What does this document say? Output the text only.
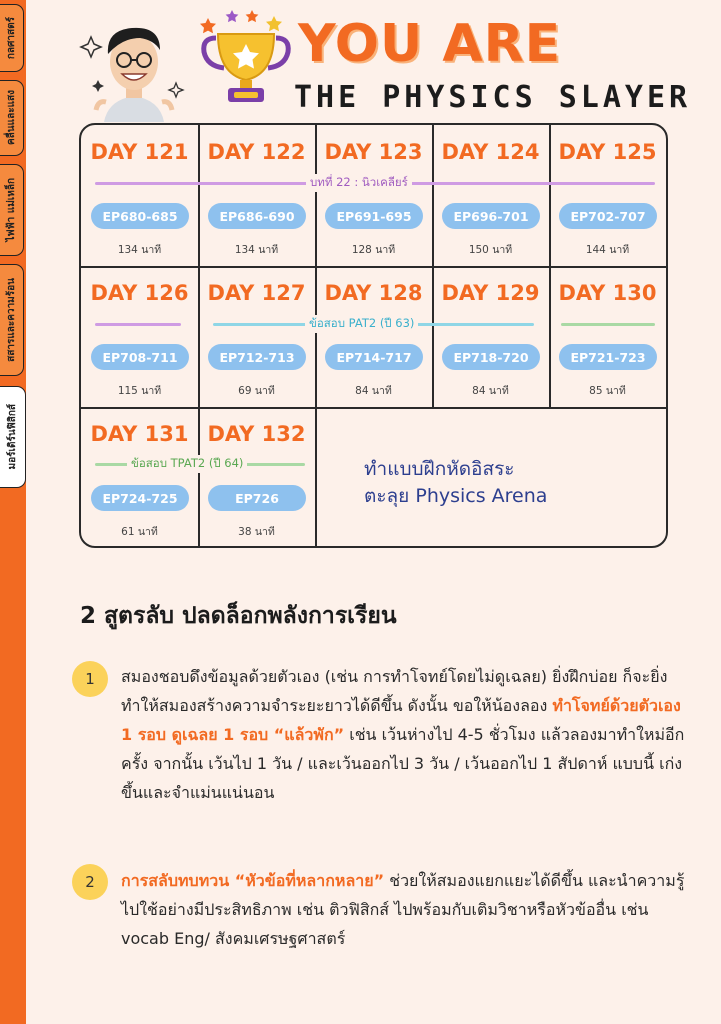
กลศาสตร์
คลื่นและแสง
ไฟฟ้า แม่เหล็ก
สสารและความร้อน
มอร์เดิร์นฟิสิกส์
YOU ARE
THE PHYSICS SLAYER
บทที่ 22 : นิวเคลียร์
ข้อสอบ PAT2 (ปี 63)
ข้อสอบ TPAT2 (ปี 64)
DAY 121
EP680-685
134 นาที
DAY 122
EP686-690
134 นาที
DAY 123
EP691-695
128 นาที
DAY 124
EP696-701
150 นาที
DAY 125
EP702-707
144 นาที
DAY 126
EP708-711
115 นาที
DAY 127
EP712-713
69 นาที
DAY 128
EP714-717
84 นาที
DAY 129
EP718-720
84 นาที
DAY 130
EP721-723
85 นาที
DAY 131
EP724-725
61 นาที
DAY 132
EP726
38 นาที
ทำแบบฝึกหัดอิสระ
ตะลุย Physics Arena
2 สูตรลับ ปลดล็อกพลังการเรียน
1	สมองชอบดึงข้อมูลด้วยตัวเอง (เช่น การทำโจทย์โดยไม่ดูเฉลย) ยิ่งฝึกบ่อย ก็จะยิ่งทำให้สมองสร้างความจำระยะยาวได้ดีขึ้น ดังนั้น ขอให้น้องลอง ทำโจทย์ด้วยตัวเอง 1 รอบ ดูเฉลย 1 รอบ “แล้วพัก” เช่น เว้นห่างไป 4-5 ชั่วโมง แล้วลองมาทำใหม่อีกครั้ง จากนั้น เว้นไป 1 วัน / และเว้นออกไป 3 วัน / เว้นออกไป 1 สัปดาห์ แบบนี้ เก่งขึ้นและจำแม่นแน่นอน
2	การสลับทบทวน “หัวข้อที่หลากหลาย” ช่วยให้สมองแยกแยะได้ดีขึ้น และนำความรู้ไปใช้อย่างมีประสิทธิภาพ เช่น ติวฟิสิกส์ ไปพร้อมกับเติมวิชาหรือหัวข้ออื่น เช่น vocab Eng/ สังคมเศรษฐศาสตร์
